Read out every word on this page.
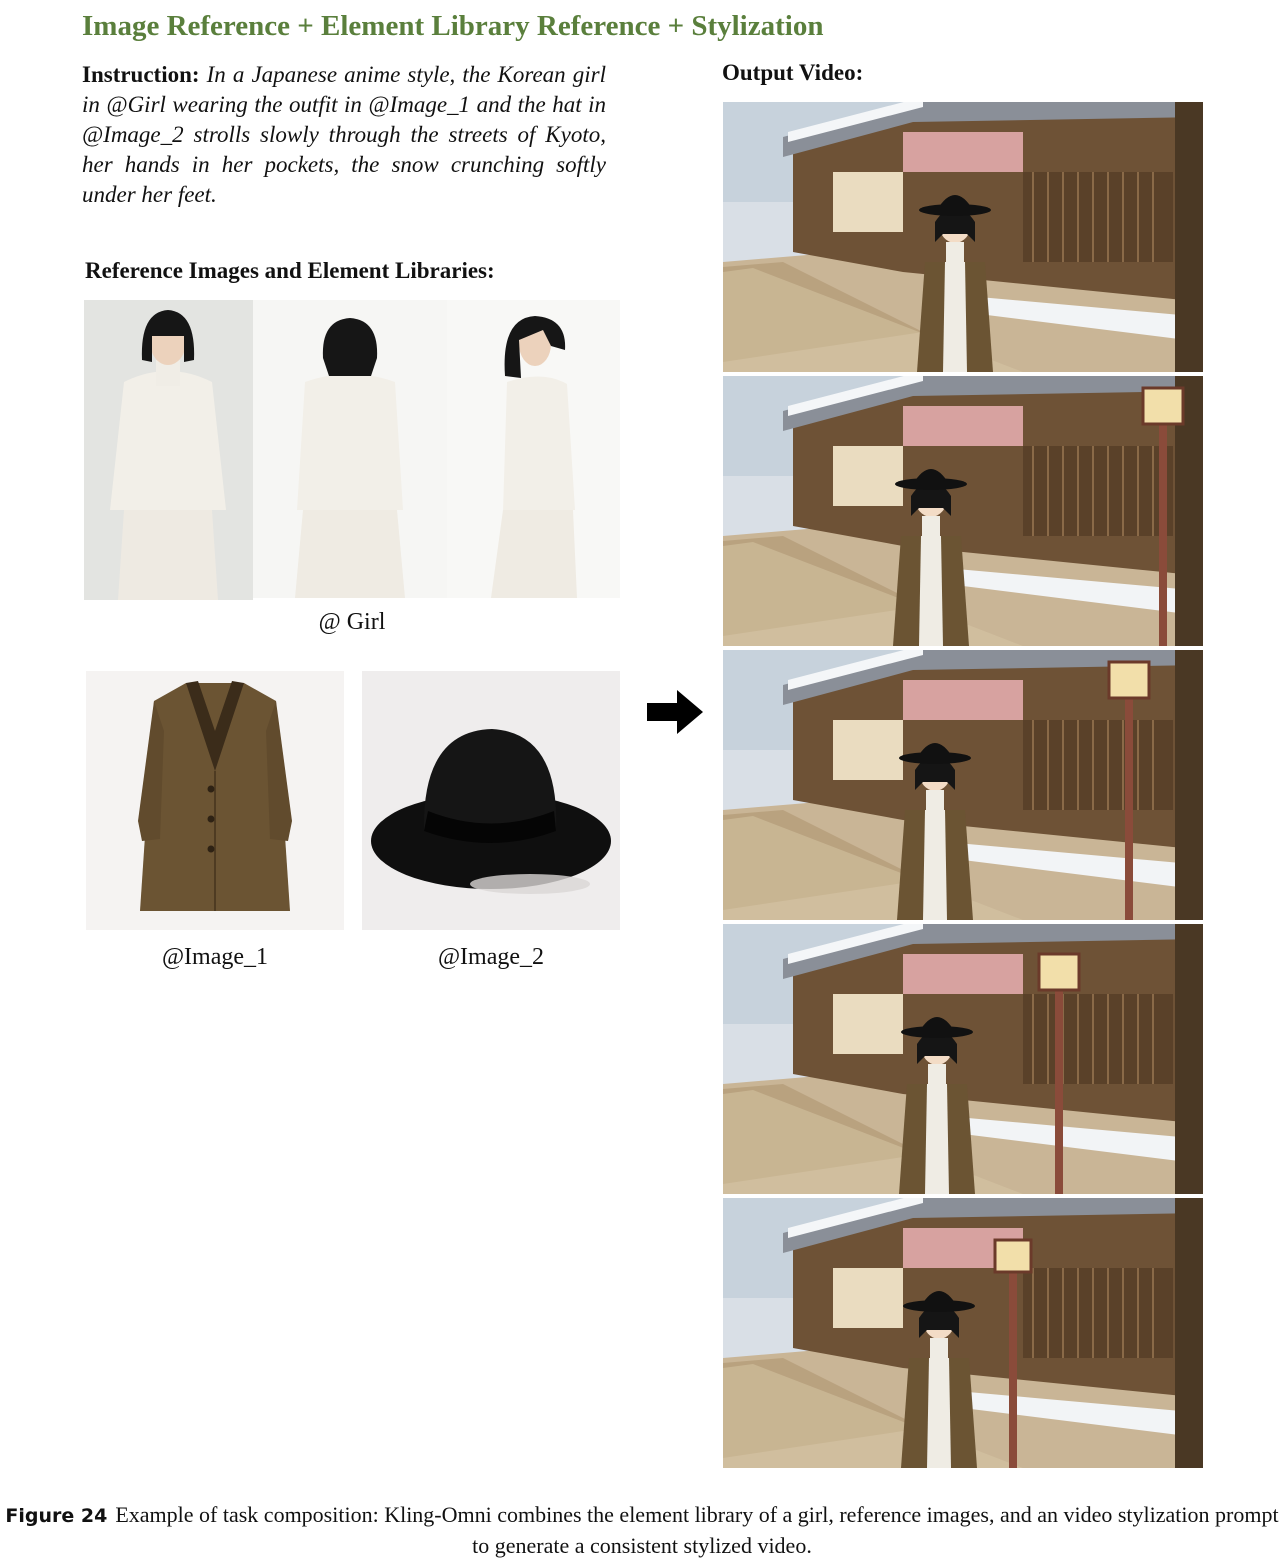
Image Reference + Element Library Reference + Stylization
Instruction: In a Japanese anime style, the Korean girl in @Girl wearing the outfit in @Image_1 and the hat in @Image_2 strolls slowly through the streets of Kyoto, her hands in her pockets, the snow crunching softly under her feet.
Reference Images and Element Libraries:
@ Girl
@Image_1	@Image_2
Output Video:
Figure 24 Example of task composition: Kling-Omni combines the element library of a girl, reference images, and an video stylization prompt to generate a consistent stylized video.
